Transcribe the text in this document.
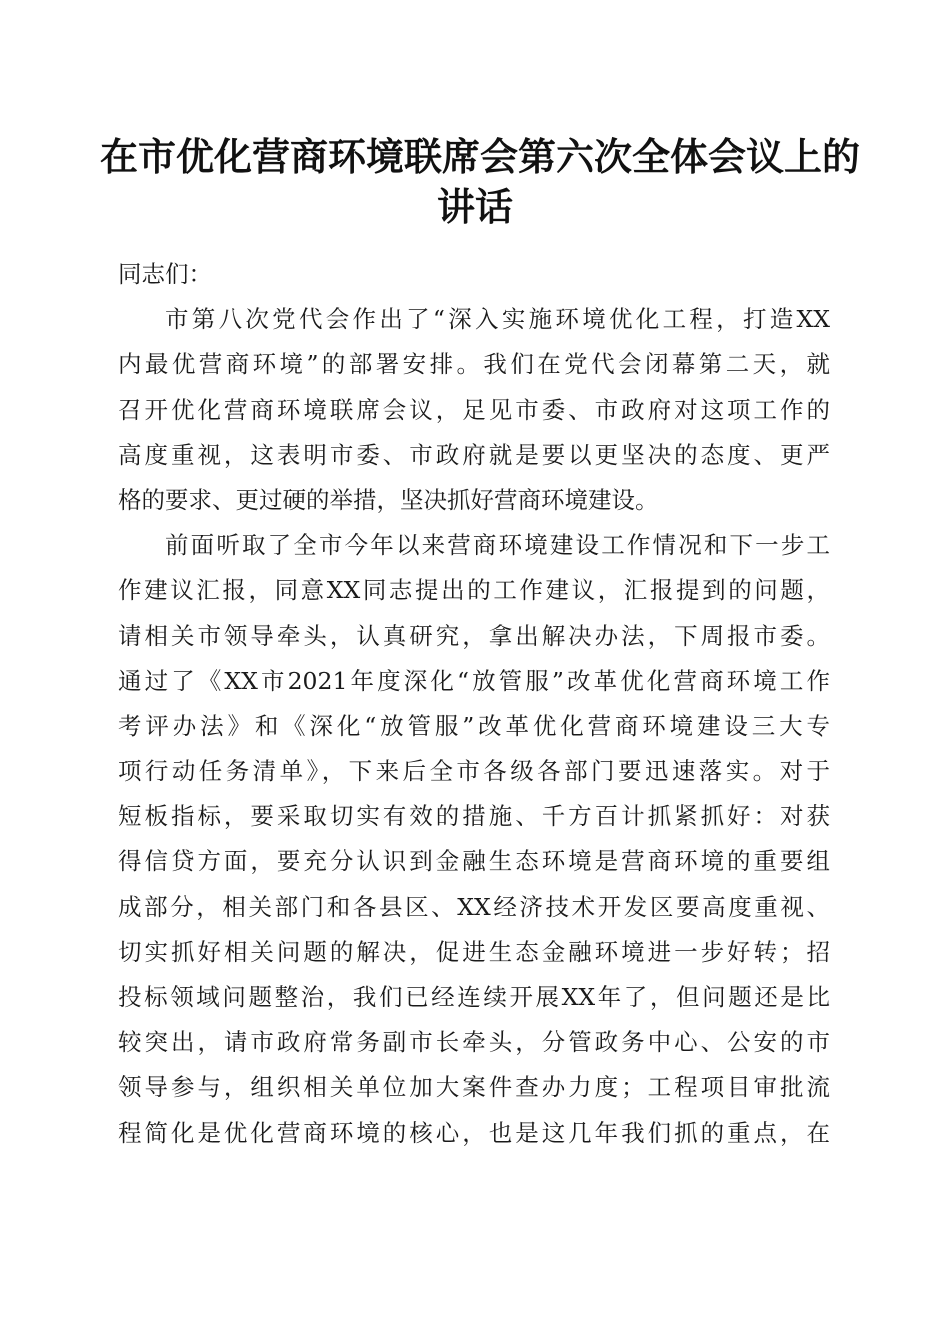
在市优化营商环境联席会第六次全体会议上的
讲话
同志们：
市第八次党代会作出了“深入实施环境优化工程，打造XX
内最优营商环境”的部署安排。我们在党代会闭幕第二天，就
召开优化营商环境联席会议，足见市委、市政府对这项工作的
高度重视，这表明市委、市政府就是要以更坚决的态度、更严
格的要求、更过硬的举措，坚决抓好营商环境建设。
前面听取了全市今年以来营商环境建设工作情况和下一步工
作建议汇报，同意XX同志提出的工作建议，汇报提到的问题，
请相关市领导牵头，认真研究，拿出解决办法，下周报市委。
通过了《XX市2021年度深化“放管服”改革优化营商环境工作
考评办法》和《深化“放管服”改革优化营商环境建设三大专
项行动任务清单》，下来后全市各级各部门要迅速落实。对于
短板指标，要采取切实有效的措施、千方百计抓紧抓好：对获
得信贷方面，要充分认识到金融生态环境是营商环境的重要组
成部分，相关部门和各县区、XX经济技术开发区要高度重视、
切实抓好相关问题的解决，促进生态金融环境进一步好转；招
投标领域问题整治，我们已经连续开展XX年了，但问题还是比
较突出，请市政府常务副市长牵头，分管政务中心、公安的市
领导参与，组织相关单位加大案件查办力度；工程项目审批流
程简化是优化营商环境的核心，也是这几年我们抓的重点，在
